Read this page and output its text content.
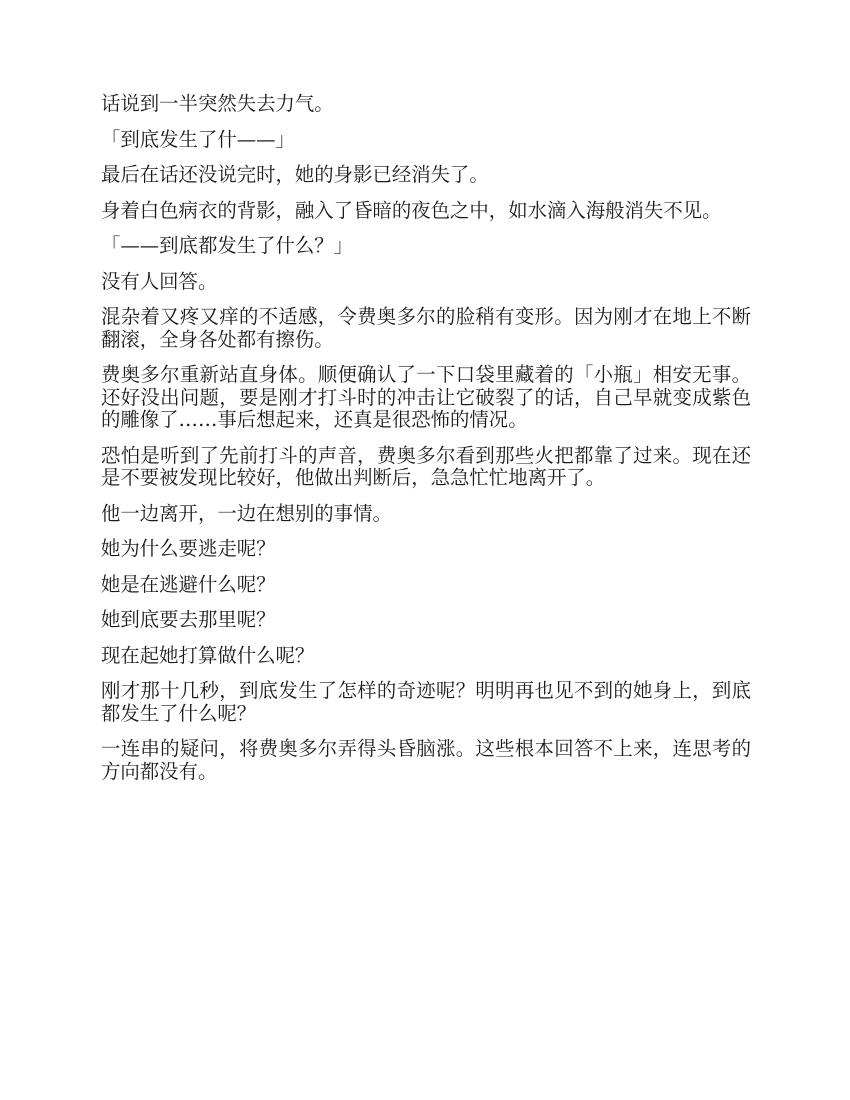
话说到一半突然失去力气。

「到底发生了什——」

最后在话还没说完时，她的身影已经消失了。

身着白色病衣的背影，融入了昏暗的夜色之中，如水滴入海般消失不见。

「——到底都发生了什么？」

没有人回答。

混杂着又疼又痒的不适感，令费奥多尔的脸稍有变形。因为刚才在地上不断翻滚，全身各处都有擦伤。

费奥多尔重新站直身体。顺便确认了一下口袋里藏着的「小瓶」相安无事。还好没出问题，要是刚才打斗时的冲击让它破裂了的话，自己早就变成紫色的雕像了……事后想起来，还真是很恐怖的情况。

恐怕是听到了先前打斗的声音，费奥多尔看到那些火把都靠了过来。现在还是不要被发现比较好，他做出判断后，急急忙忙地离开了。

他一边离开，一边在想别的事情。

她为什么要逃走呢？

她是在逃避什么呢？

她到底要去那里呢？

现在起她打算做什么呢？

刚才那十几秒，到底发生了怎样的奇迹呢？明明再也见不到的她身上，到底都发生了什么呢？

一连串的疑问，将费奥多尔弄得头昏脑涨。这些根本回答不上来，连思考的方向都没有。
